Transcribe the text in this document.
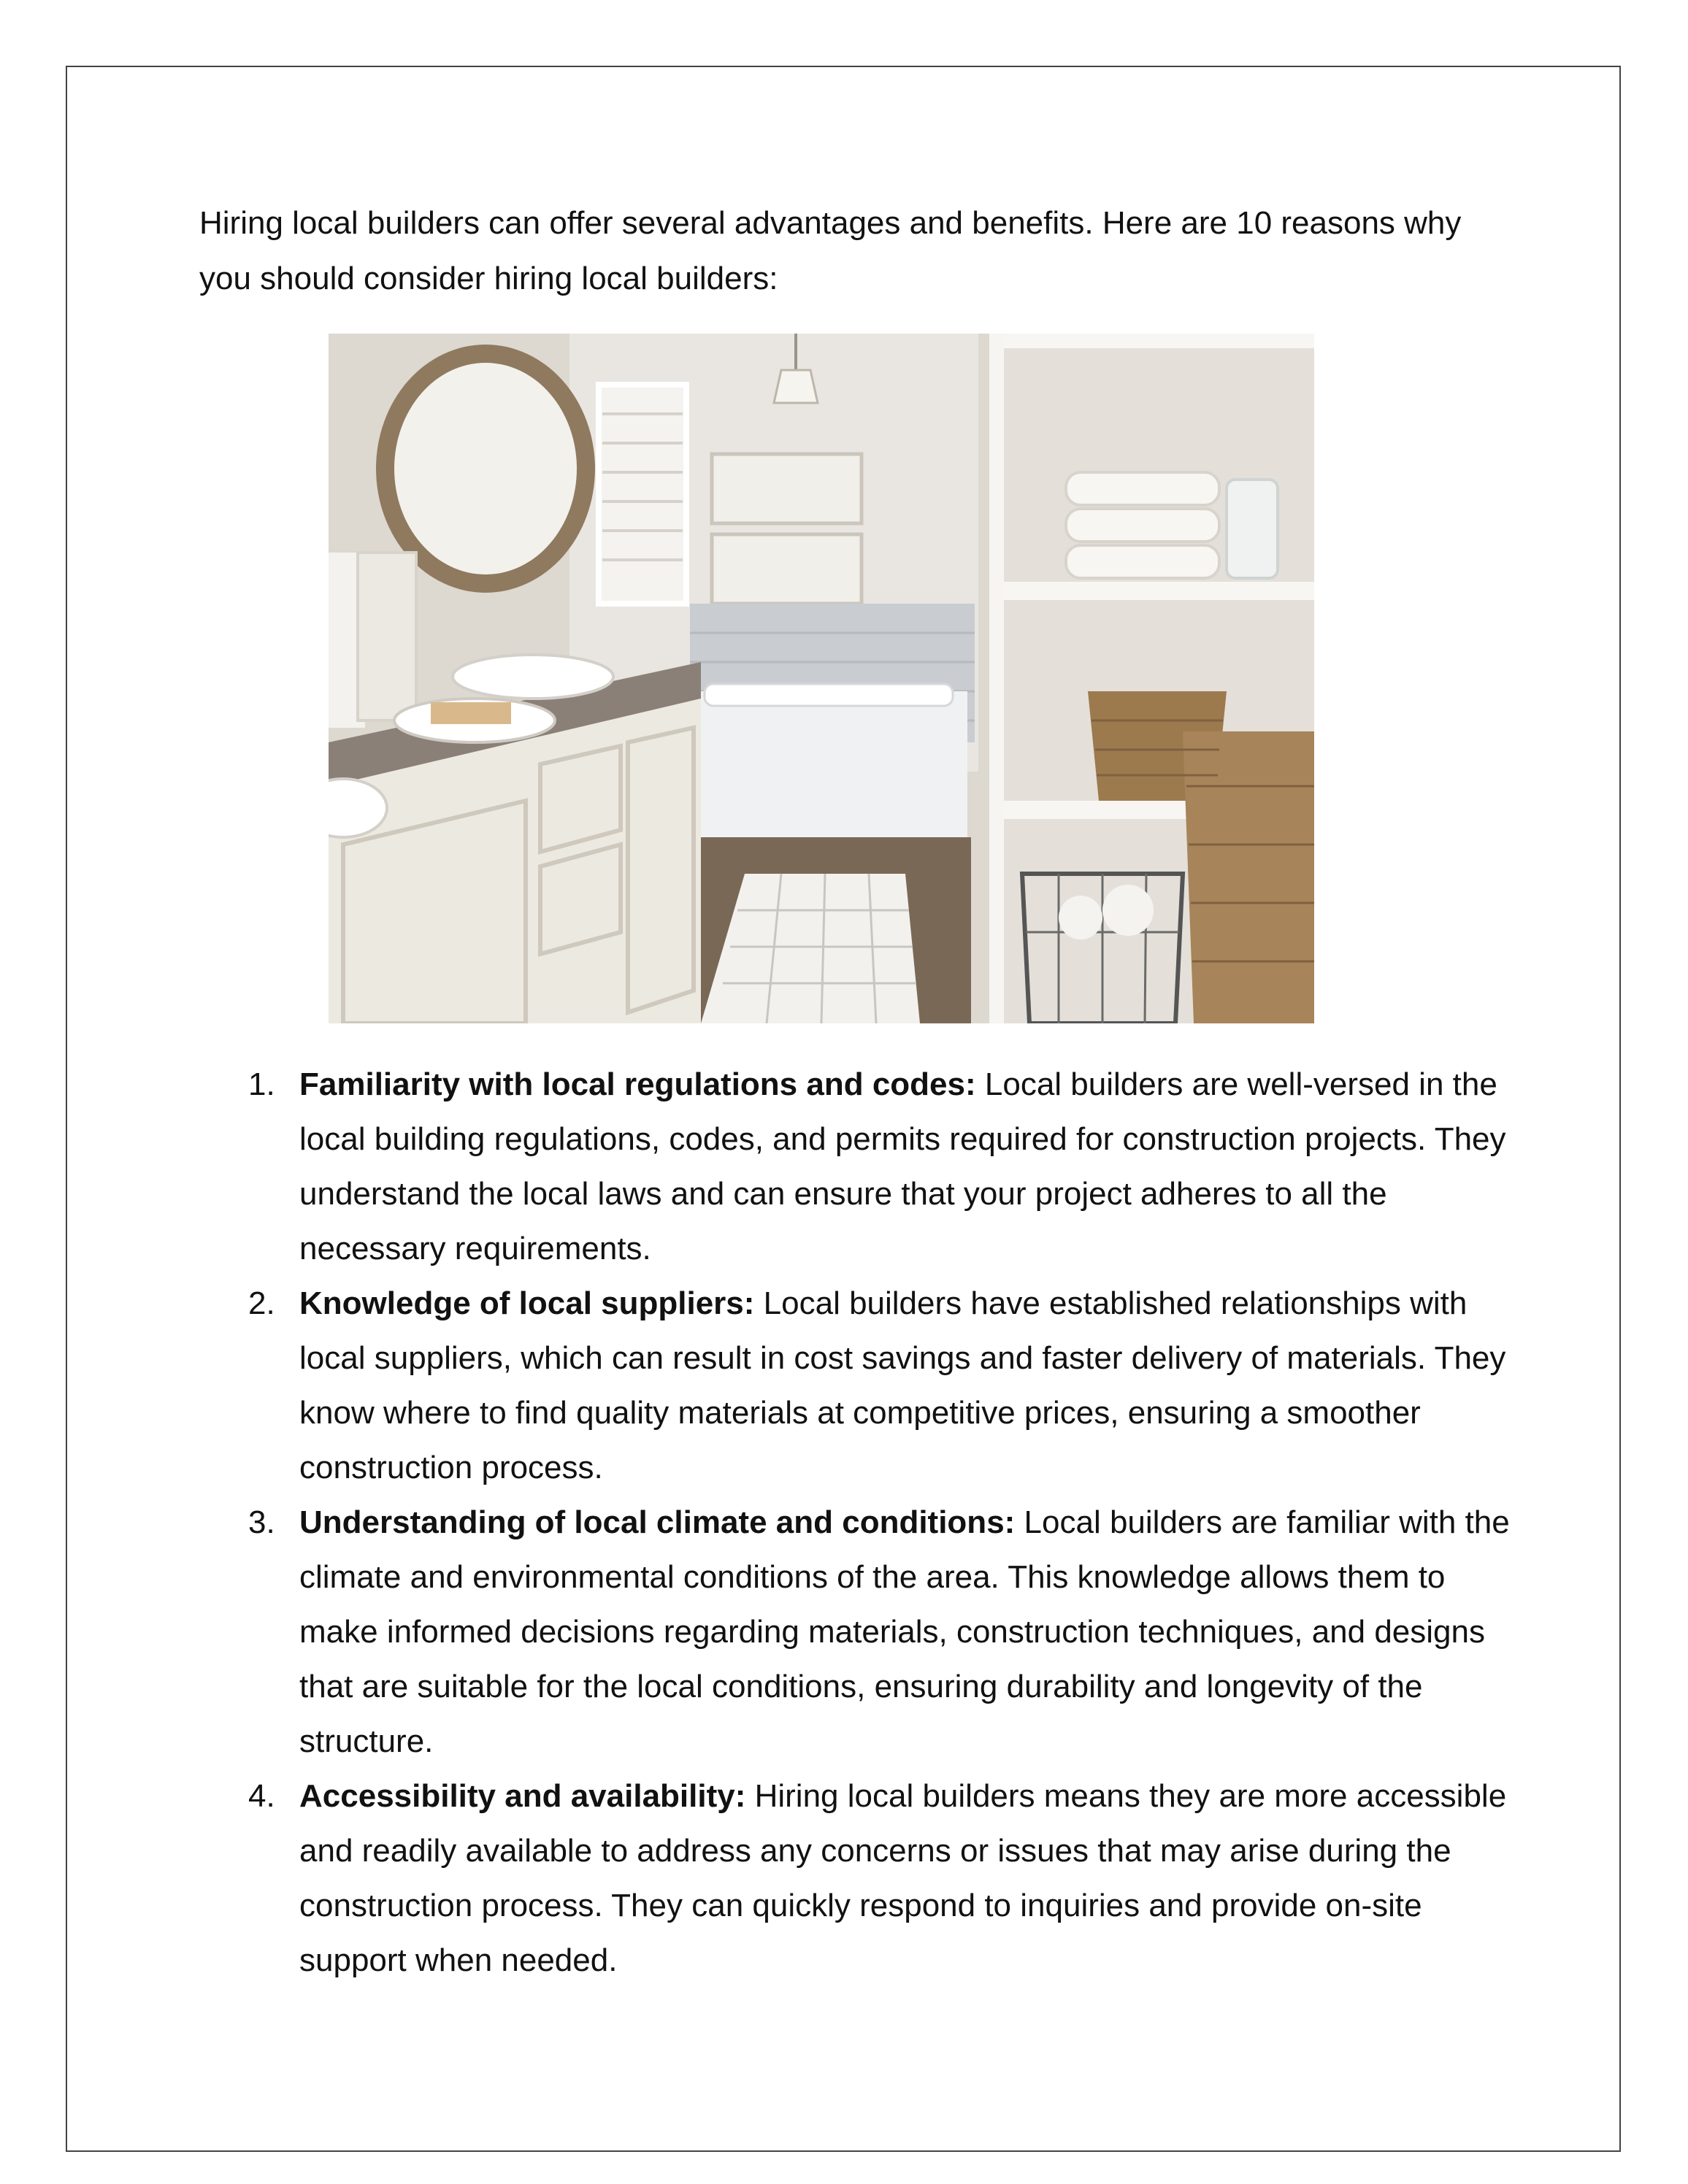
Hiring local builders can offer several advantages and benefits. Here are 10 reasons why you should consider hiring local builders:

1. Familiarity with local regulations and codes: Local builders are well-versed in the local building regulations, codes, and permits required for construction projects. They understand the local laws and can ensure that your project adheres to all the necessary requirements.
2. Knowledge of local suppliers: Local builders have established relationships with local suppliers, which can result in cost savings and faster delivery of materials. They know where to find quality materials at competitive prices, ensuring a smoother construction process.
3. Understanding of local climate and conditions: Local builders are familiar with the climate and environmental conditions of the area. This knowledge allows them to make informed decisions regarding materials, construction techniques, and designs that are suitable for the local conditions, ensuring durability and longevity of the structure.
4. Accessibility and availability: Hiring local builders means they are more accessible and readily available to address any concerns or issues that may arise during the construction process. They can quickly respond to inquiries and provide on-site support when needed.
